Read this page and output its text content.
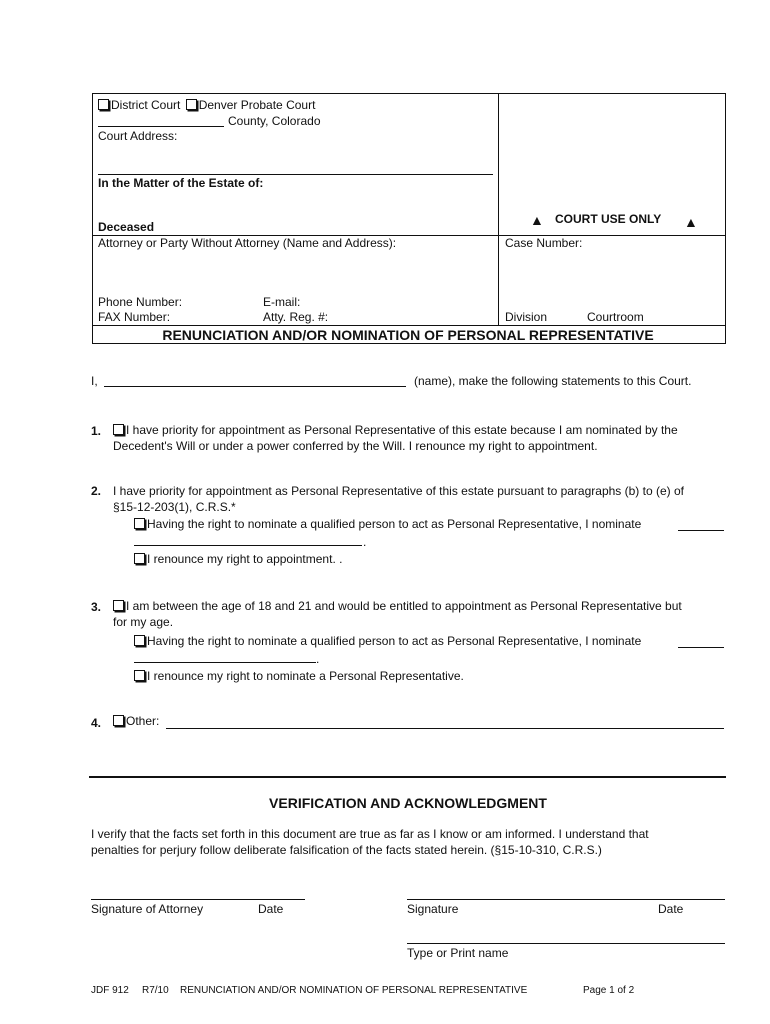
District Court Denver Probate Court
County, Colorado
Court Address:
In the Matter of the Estate of:
Deceased
Attorney or Party Without Attorney (Name and Address):
Phone Number:	E-mail:
FAX Number:	Atty. Reg. #:
▲ COURT USE ONLY ▲
Case Number:
Division	Courtroom
RENUNCIATION AND/OR NOMINATION OF PERSONAL REPRESENTATIVE
I,	(name), make the following statements to this Court.
1.	I have priority for appointment as Personal Representative of this estate because I am nominated by the
Decedent's Will or under a power conferred by the Will. I renounce my right to appointment.
2. I have priority for appointment as Personal Representative of this estate pursuant to paragraphs (b) to (e) of
§15-12-203(1), C.R.S.*
Having the right to nominate a qualified person to act as Personal Representative, I nominate
.
I renounce my right to appointment. .
3.	I am between the age of 18 and 21 and would be entitled to appointment as Personal Representative but
for my age.
Having the right to nominate a qualified person to act as Personal Representative, I nominate
.
I renounce my right to nominate a Personal Representative.
4.	Other:
VERIFICATION AND ACKNOWLEDGMENT
I verify that the facts set forth in this document are true as far as I know or am informed. I understand that
penalties for perjury follow deliberate falsification of the facts stated herein. (§15-10-310, C.R.S.)
Signature of Attorney	Date	Signature	Date
Type or Print name
JDF 912 R7/10 RENUNCIATION AND/OR NOMINATION OF PERSONAL REPRESENTATIVE	Page 1 of 2
